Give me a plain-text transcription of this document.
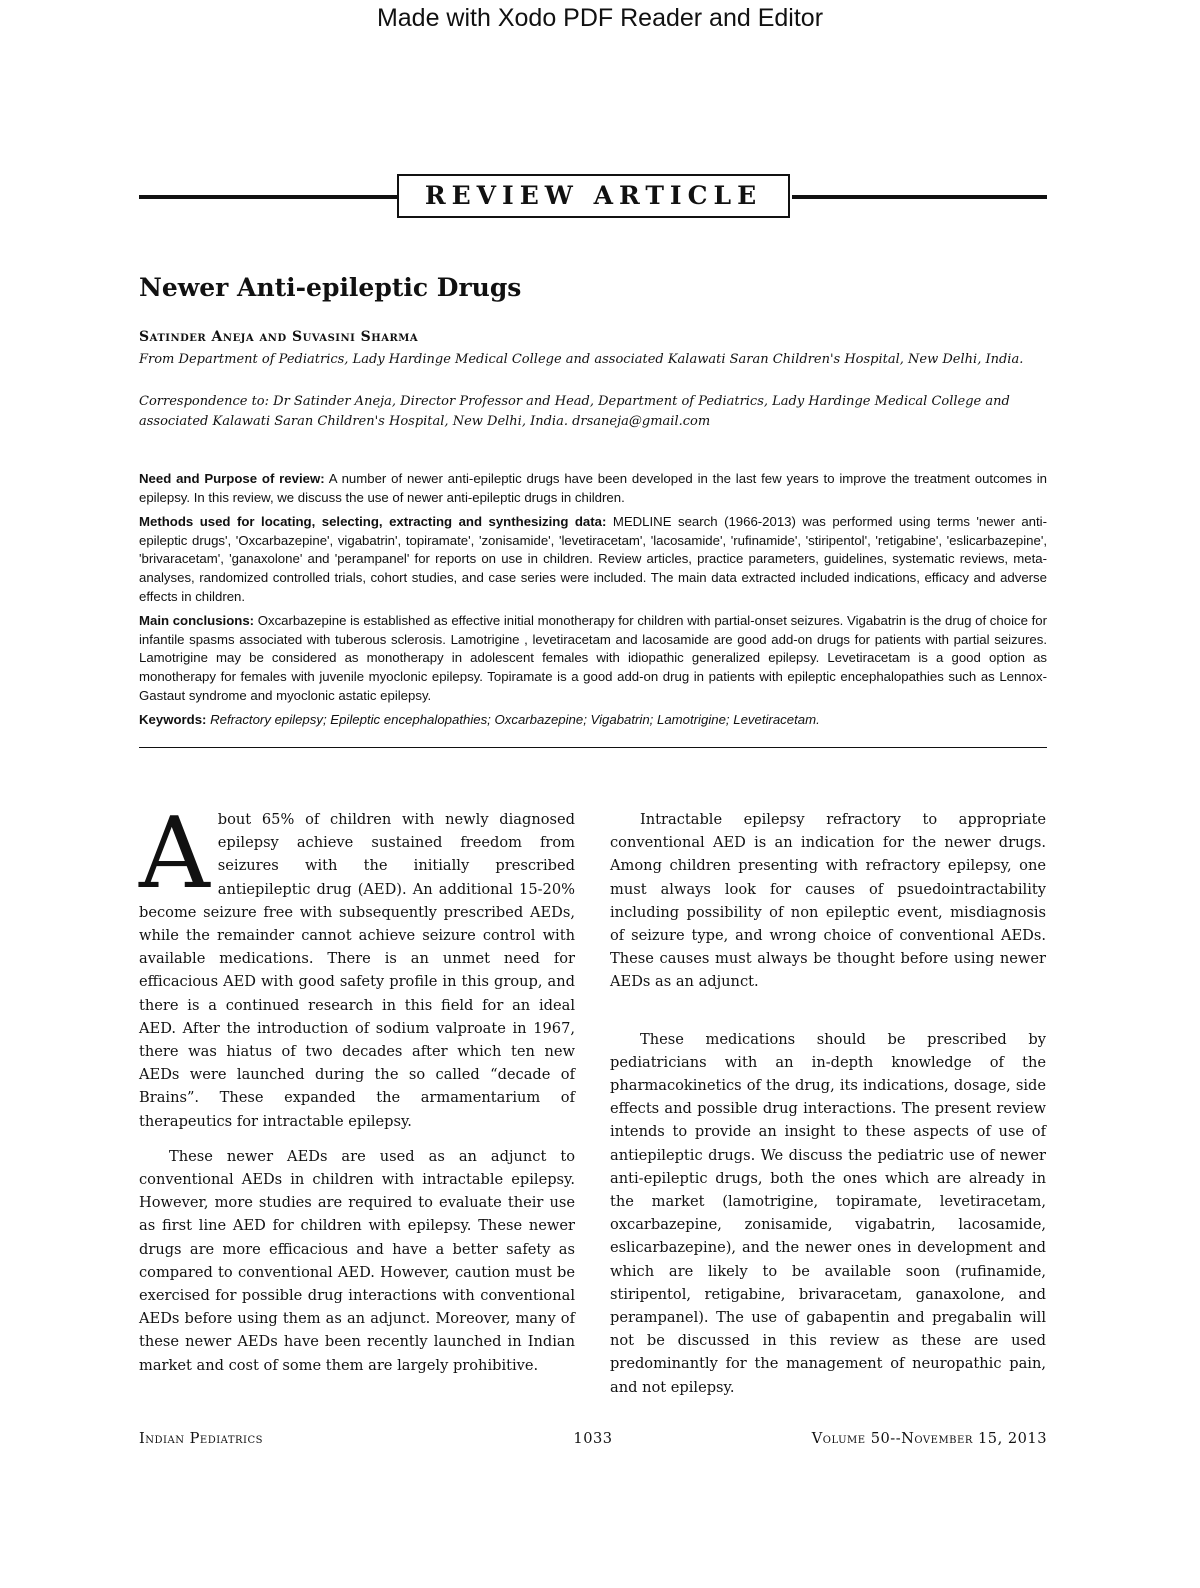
Made with Xodo PDF Reader and Editor
REVIEW ARTICLE
Newer Anti-epileptic Drugs
Satinder Aneja and Suvasini Sharma
From Department of Pediatrics, Lady Hardinge Medical College and associated Kalawati Saran Children's Hospital, New Delhi, India.
Correspondence to: Dr Satinder Aneja, Director Professor and Head, Department of Pediatrics, Lady Hardinge Medical College and associated Kalawati Saran Children's Hospital, New Delhi, India. drsaneja@gmail.com

Need and Purpose of review: A number of newer anti-epileptic drugs have been developed in the last few years to improve the treatment outcomes in epilepsy. In this review, we discuss the use of newer anti-epileptic drugs in children.

Methods used for locating, selecting, extracting and synthesizing data: MEDLINE search (1966-2013) was performed using terms 'newer anti-epileptic drugs', 'Oxcarbazepine', vigabatrin', topiramate', 'zonisamide', 'levetiracetam', 'lacosamide', 'rufinamide', 'stiripentol', 'retigabine', 'eslicarbazepine', 'brivaracetam', 'ganaxolone' and 'perampanel' for reports on use in children. Review articles, practice parameters, guidelines, systematic reviews, meta-analyses, randomized controlled trials, cohort studies, and case series were included. The main data extracted included indications, efficacy and adverse effects in children.

Main conclusions: Oxcarbazepine is established as effective initial monotherapy for children with partial-onset seizures. Vigabatrin is the drug of choice for infantile spasms associated with tuberous sclerosis. Lamotrigine , levetiracetam and lacosamide are good add-on drugs for patients with partial seizures. Lamotrigine may be considered as monotherapy in adolescent females with idiopathic generalized epilepsy. Levetiracetam is a good option as monotherapy for females with juvenile myoclonic epilepsy. Topiramate is a good add-on drug in patients with epileptic encephalopathies such as Lennox-Gastaut syndrome and myoclonic astatic epilepsy.

Keywords: Refractory epilepsy; Epileptic encephalopathies; Oxcarbazepine; Vigabatrin; Lamotrigine; Levetiracetam.

About 65% of children with newly diagnosed epilepsy achieve sustained freedom from seizures with the initially prescribed antiepileptic drug (AED). An additional 15-20% become seizure free with subsequently prescribed AEDs, while the remainder cannot achieve seizure control with available medications. There is an unmet need for efficacious AED with good safety profile in this group, and there is a continued research in this field for an ideal AED. After the introduction of sodium valproate in 1967, there was hiatus of two decades after which ten new AEDs were launched during the so called “decade of Brains”. These expanded the armamentarium of therapeutics for intractable epilepsy.

These newer AEDs are used as an adjunct to conventional AEDs in children with intractable epilepsy. However, more studies are required to evaluate their use as first line AED for children with epilepsy. These newer drugs are more efficacious and have a better safety as compared to conventional AED. However, caution must be exercised for possible drug interactions with conventional AEDs before using them as an adjunct. Moreover, many of these newer AEDs have been recently launched in Indian market and cost of some them are largely prohibitive.

Intractable epilepsy refractory to appropriate conventional AED is an indication for the newer drugs. Among children presenting with refractory epilepsy, one must always look for causes of psuedointractability including possibility of non epileptic event, misdiagnosis of seizure type, and wrong choice of conventional AEDs. These causes must always be thought before using newer AEDs as an adjunct.

These medications should be prescribed by pediatricians with an in-depth knowledge of the pharmacokinetics of the drug, its indications, dosage, side effects and possible drug interactions. The present review intends to provide an insight to these aspects of use of antiepileptic drugs. We discuss the pediatric use of newer anti-epileptic drugs, both the ones which are already in the market (lamotrigine, topiramate, levetiracetam, oxcarbazepine, zonisamide, vigabatrin, lacosamide, eslicarbazepine), and the newer ones in development and which are likely to be available soon (rufinamide, stiripentol, retigabine, brivaracetam, ganaxolone, and perampanel). The use of gabapentin and pregabalin will not be discussed in this review as these are used predominantly for the management of neuropathic pain, and not epilepsy.

Indian Pediatrics	1033	Volume 50--November 15, 2013
